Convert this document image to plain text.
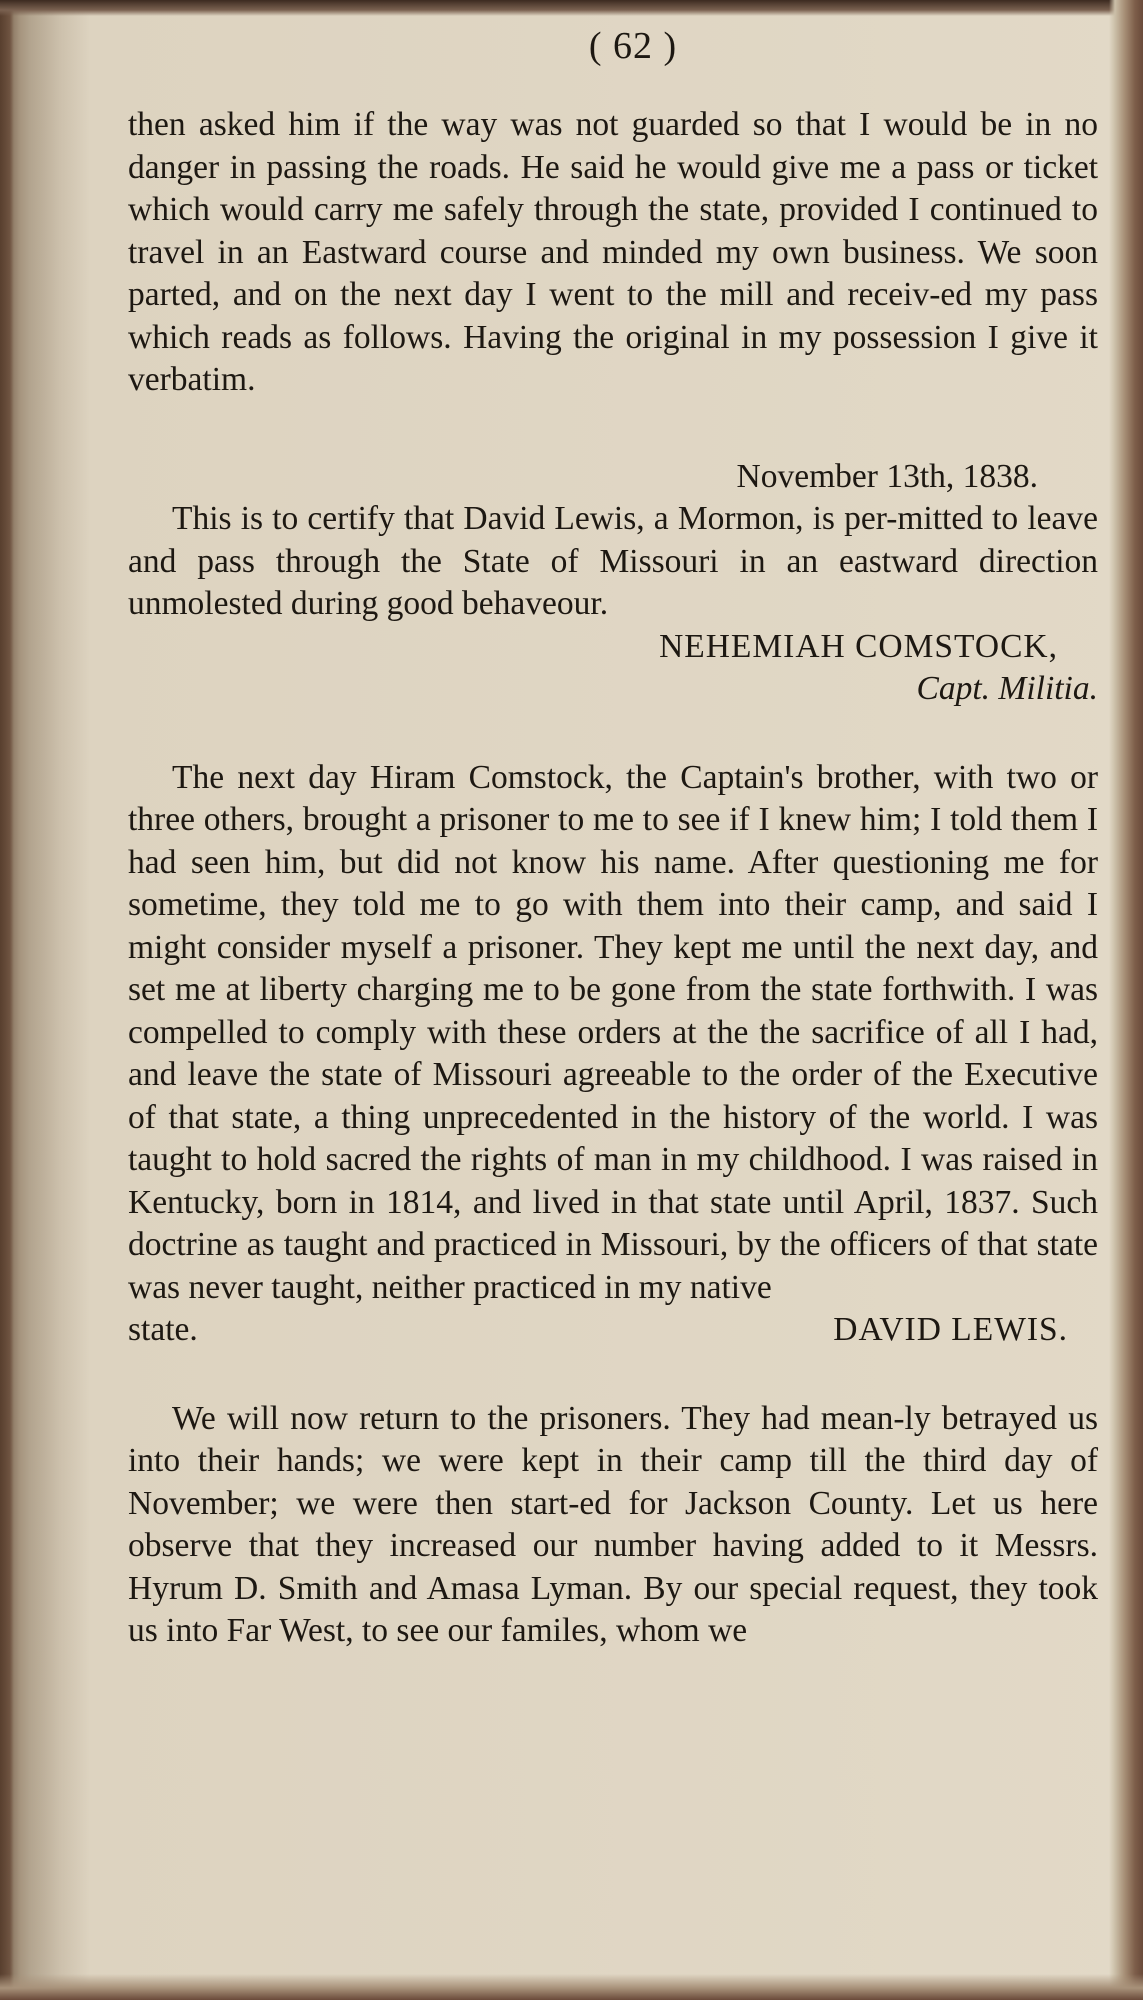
( 62 )

then asked him if the way was not guarded so that I would be in no danger in passing the roads. He said he would give me a pass or ticket which would carry me safely through the state, provided I continued to travel in an Eastward course and minded my own business. We soon parted, and on the next day I went to the mill and receiv-ed my pass which reads as follows. Having the original in my possession I give it verbatim.

November 13th, 1838.

This is to certify that David Lewis, a Mormon, is per-mitted to leave and pass through the State of Missouri in an eastward direction unmolested during good behaveour.

NEHEMIAH COMSTOCK,
Capt. Militia.

The next day Hiram Comstock, the Captain's brother, with two or three others, brought a prisoner to me to see if I knew him; I told them I had seen him, but did not know his name. After questioning me for sometime, they told me to go with them into their camp, and said I might consider myself a prisoner. They kept me until the next day, and set me at liberty charging me to be gone from the state forthwith. I was compelled to comply with these orders at the the sacrifice of all I had, and leave the state of Missouri agreeable to the order of the Executive of that state, a thing unprecedented in the history of the world. I was taught to hold sacred the rights of man in my childhood. I was raised in Kentucky, born in 1814, and lived in that state until April, 1837. Such doctrine as taught and practiced in Missouri, by the officers of that state was never taught, neither practiced in my native

state.	DAVID LEWIS.

We will now return to the prisoners. They had mean-ly betrayed us into their hands; we were kept in their camp till the third day of November; we were then start-ed for Jackson County. Let us here observe that they increased our number having added to it Messrs. Hyrum D. Smith and Amasa Lyman. By our special request, they took us into Far West, to see our familes, whom we
